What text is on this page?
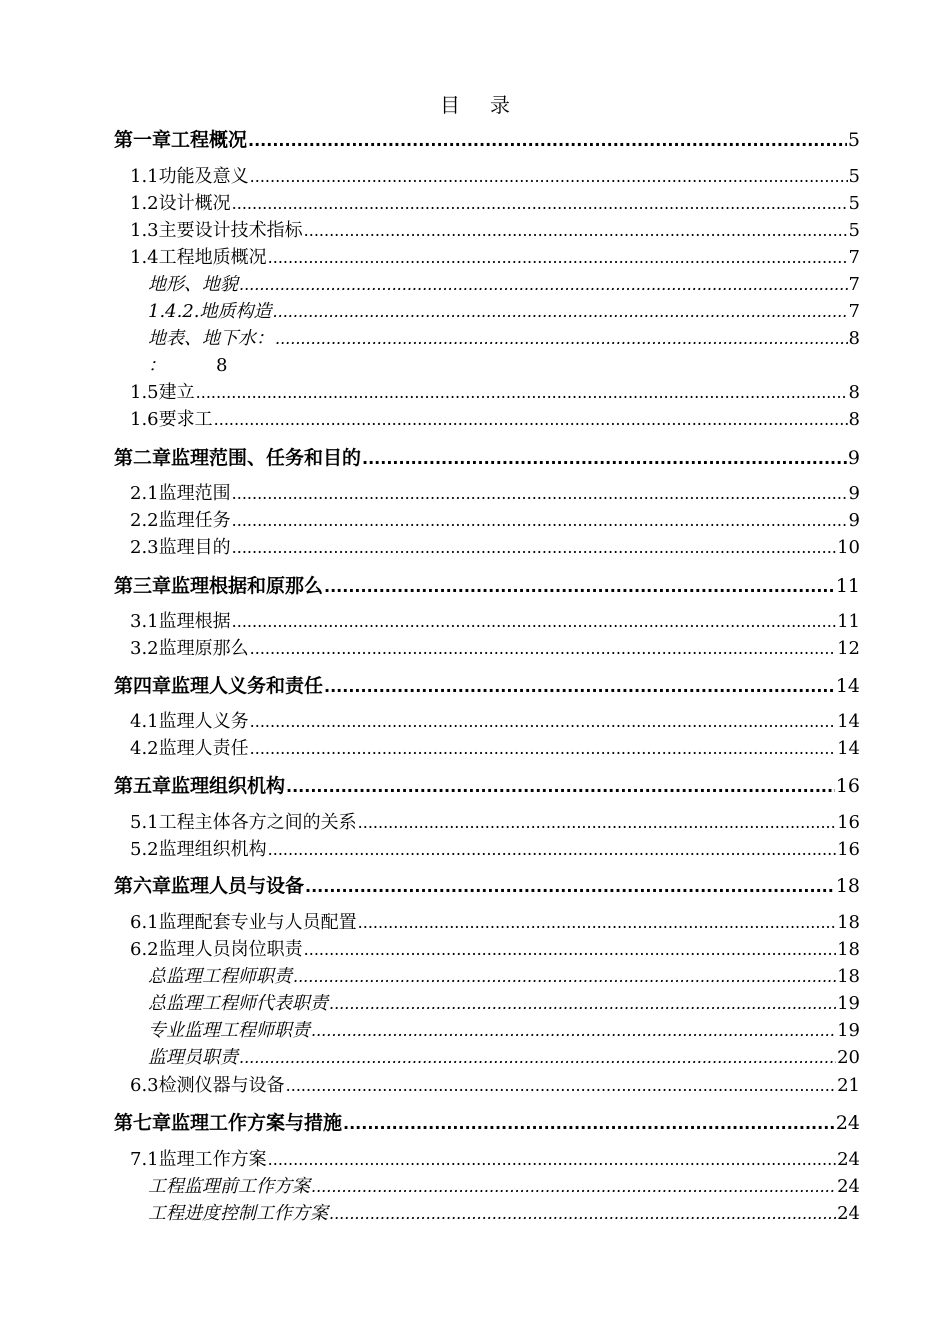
目 录
第一章工程概况 .....	5
1.1 功能及意义 .....	5
1.2 设计概况 .....	5
1.3 主要设计技术指标 .....	5
1.4 工程地质概况 .....	7
地形、地貌 .....	7
1.4.2.地质构造 .....	7
地表、地下水： .....	8
：	8
1.5 建立 .....	8
1.6 要求工 .....	8
第二章监理范围、任务和目的 .....	9
2.1 监理范围 .....	9
2.2 监理任务 .....	9
2.3 监理目的 .....	10
第三章监理根据和原那么 .....	11
3.1 监理根据 .....	11
3.2 监理原那么 .....	12
第四章监理人义务和责任 .....	14
4.1 监理人义务 .....	14
4.2 监理人责任 .....	14
第五章监理组织机构 .....	16
5.1 工程主体各方之间的关系 .....	16
5.2 监理组织机构 .....	16
第六章监理人员与设备 .....	18
6.1 监理配套专业与人员配置 .....	18
6.2 监理人员岗位职责 .....	18
总监理工程师职责 .....	18
总监理工程师代表职责 .....	19
专业监理工程师职责 .....	19
监理员职责 .....	20
6.3 检测仪器与设备 .....	21
第七章监理工作方案与措施 .....	24
7.1 监理工作方案 .....	24
工程监理前工作方案 .....	24
工程进度控制工作方案 .....	24
